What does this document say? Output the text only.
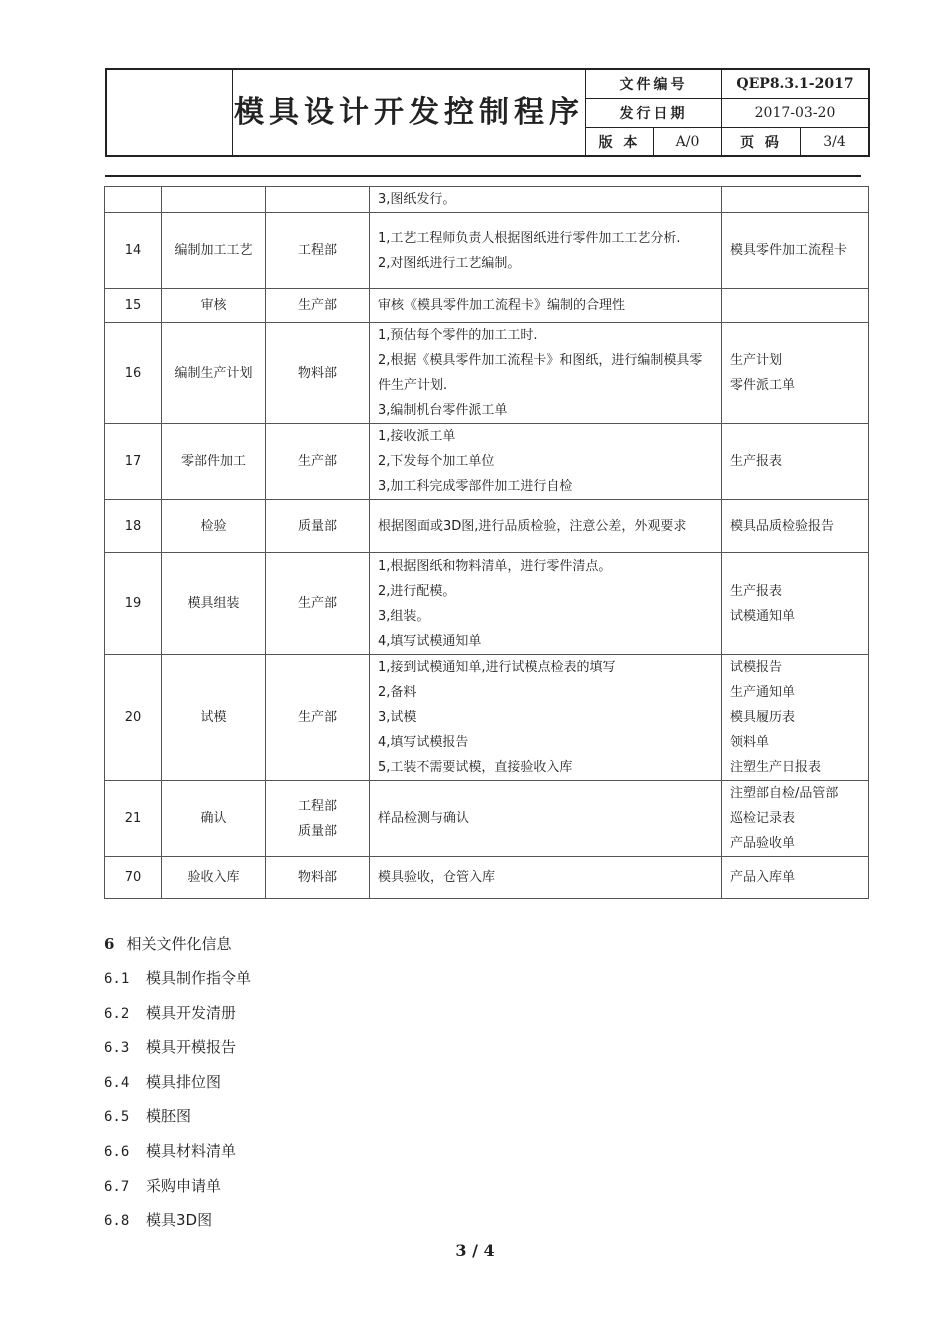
模具设计开发控制程序
文件编号	QEP8.3.1-2017
发行日期	2017-03-20
版 本	A/0	页 码	3/4

			3,图纸发行。	

14	编制加工工艺	工程部	1,工艺工程师负责人根据图纸进行零件加工工艺分析.
2,对图纸进行工艺编制。	模具零件加工流程卡

15	审核	生产部	审核《模具零件加工流程卡》编制的合理性	

16	编制生产计划	物料部	1,预估每个零件的加工工时.
2,根据《模具零件加工流程卡》和图纸，进行编制模具零件生产计划.
3,编制机台零件派工单	生产计划
零件派工单

17	零部件加工	生产部	1,接收派工单
2,下发每个加工单位
3,加工科完成零部件加工进行自检	生产报表

18	检验	质量部	根据图面或3D图,进行品质检验，注意公差，外观要求	模具品质检验报告

19	模具组装	生产部	1,根据图纸和物料清单，进行零件清点。
2,进行配模。
3,组装。
4,填写试模通知单	生产报表
试模通知单

20	试模	生产部	1,接到试模通知单,进行试模点检表的填写
2,备料
3,试模
4,填写试模报告
5,工装不需要试模，直接验收入库	试模报告
生产通知单
模具履历表
领料单
注塑生产日报表

21	确认	工程部
质量部	样品检测与确认	注塑部自检/品管部
巡检记录表
产品验收单

70	验收入库	物料部	模具验收，仓管入库	产品入库单
6 相关文件化信息
6.1 模具制作指令单
6.2 模具开发清册
6.3 模具开模报告
6.4 模具排位图
6.5 模胚图
6.6 模具材料清单
6.7 采购申请单
6.8 模具3D图
3 / 4
